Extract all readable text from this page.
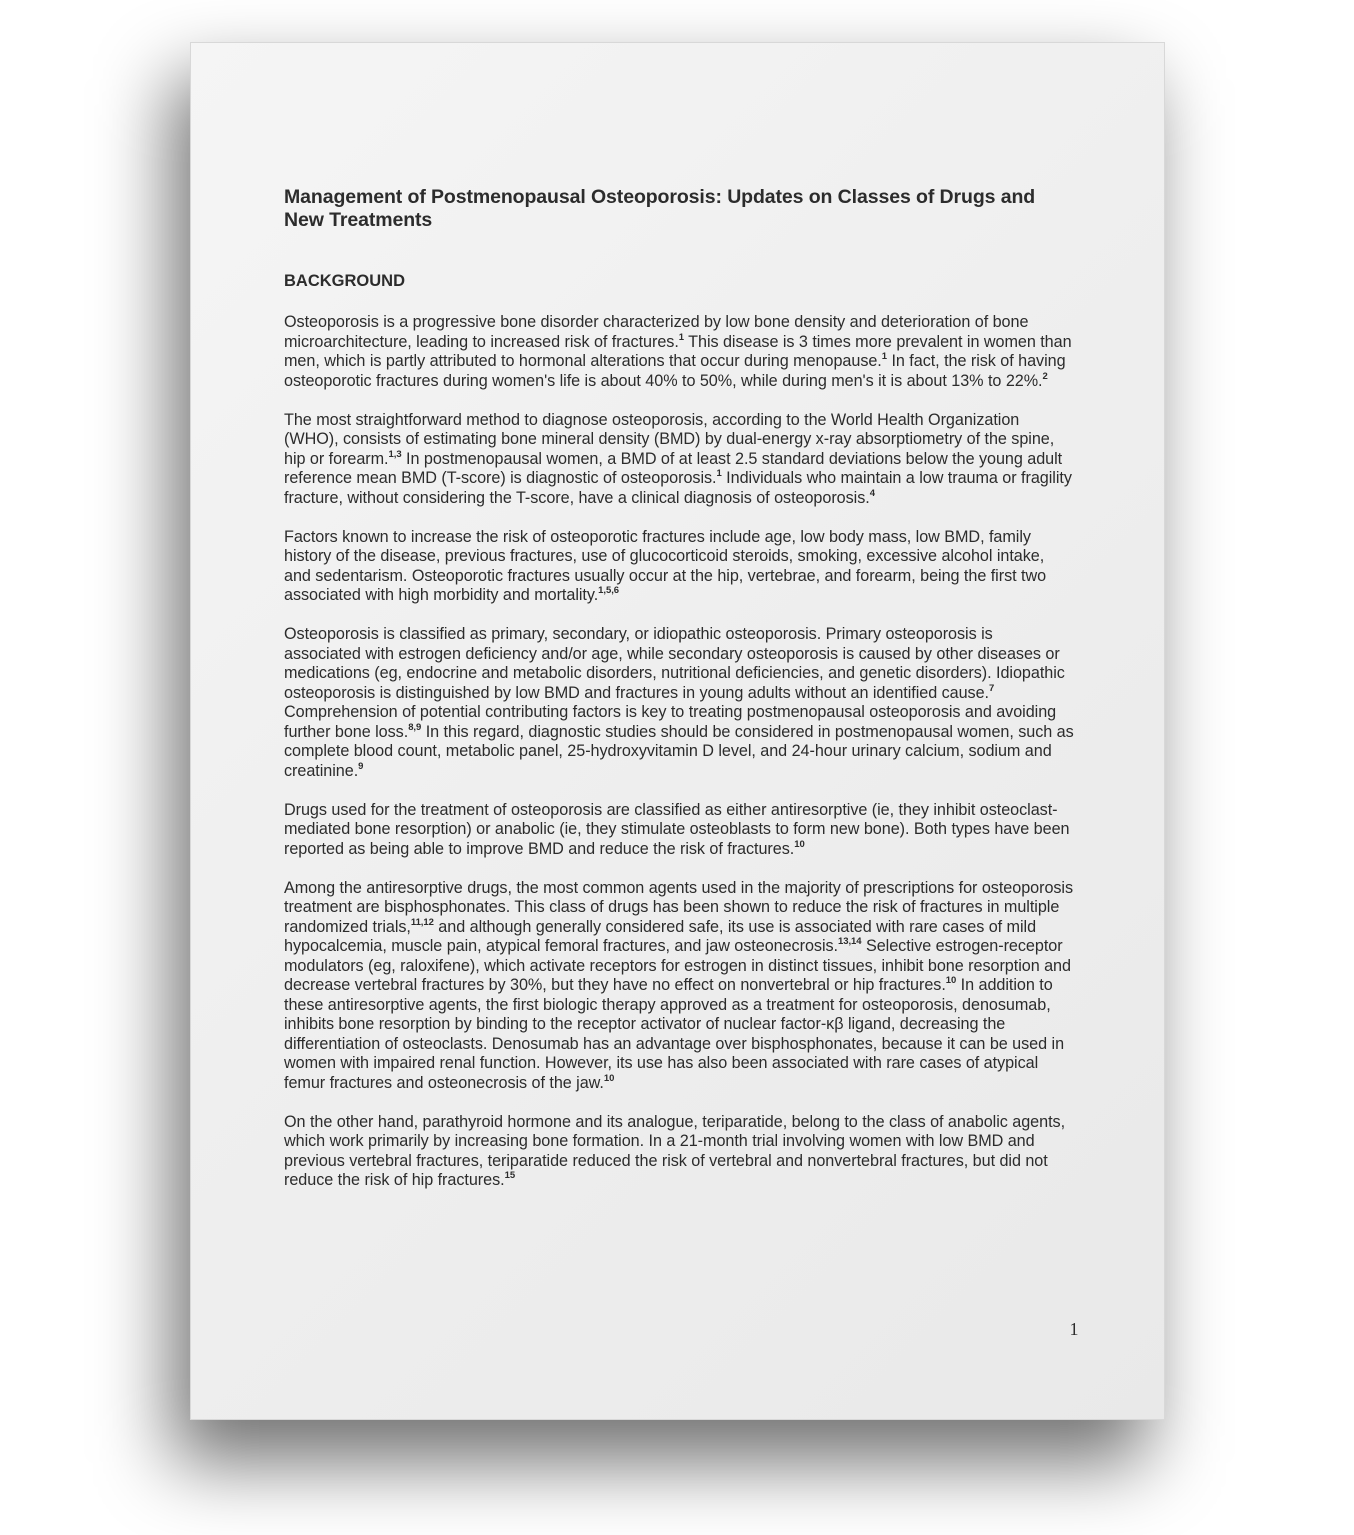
Management of Postmenopausal Osteoporosis: Updates on Classes of Drugs and New Treatments
BACKGROUND

Osteoporosis is a progressive bone disorder characterized by low bone density and deterioration of bone microarchitecture, leading to increased risk of fractures.$^1$ This disease is 3 times more prevalent in women than men, which is partly attributed to hormonal alterations that occur during menopause.$^1$ In fact, the risk of having osteoporotic fractures during women's life is about 40% to 50%, while during men's it is about 13% to 22%.$^2$

The most straightforward method to diagnose osteoporosis, according to the World Health Organization (WHO), consists of estimating bone mineral density (BMD) by dual-energy x-ray absorptiometry of the spine, hip or forearm.$^{1,3}$ In postmenopausal women, a BMD of at least 2.5 standard deviations below the young adult reference mean BMD (T-score) is diagnostic of osteoporosis.$^1$ Individuals who maintain a low trauma or fragility fracture, without considering the T-score, have a clinical diagnosis of osteoporosis.$^4$

Factors known to increase the risk of osteoporotic fractures include age, low body mass, low BMD, family history of the disease, previous fractures, use of glucocorticoid steroids, smoking, excessive alcohol intake, and sedentarism. Osteoporotic fractures usually occur at the hip, vertebrae, and forearm, being the first two associated with high morbidity and mortality.$^{1,5,6}$

Osteoporosis is classified as primary, secondary, or idiopathic osteoporosis. Primary osteoporosis is associated with estrogen deficiency and/or age, while secondary osteoporosis is caused by other diseases or medications (eg, endocrine and metabolic disorders, nutritional deficiencies, and genetic disorders). Idiopathic osteoporosis is distinguished by low BMD and fractures in young adults without an identified cause.$^7$ Comprehension of potential contributing factors is key to treating postmenopausal osteoporosis and avoiding further bone loss.$^{8,9}$ In this regard, diagnostic studies should be considered in postmenopausal women, such as complete blood count, metabolic panel, 25-hydroxyvitamin D level, and 24-hour urinary calcium, sodium and creatinine.$^9$

Drugs used for the treatment of osteoporosis are classified as either antiresorptive (ie, they inhibit osteoclast-mediated bone resorption) or anabolic (ie, they stimulate osteoblasts to form new bone). Both types have been reported as being able to improve BMD and reduce the risk of fractures.$^{10}$

Among the antiresorptive drugs, the most common agents used in the majority of prescriptions for osteoporosis treatment are bisphosphonates. This class of drugs has been shown to reduce the risk of fractures in multiple randomized trials,$^{11,12}$ and although generally considered safe, its use is associated with rare cases of mild hypocalcemia, muscle pain, atypical femoral fractures, and jaw osteonecrosis.$^{13,14}$ Selective estrogen-receptor modulators (eg, raloxifene), which activate receptors for estrogen in distinct tissues, inhibit bone resorption and decrease vertebral fractures by 30%, but they have no effect on nonvertebral or hip fractures.$^{10}$ In addition to these antiresorptive agents, the first biologic therapy approved as a treatment for osteoporosis, denosumab, inhibits bone resorption by binding to the receptor activator of nuclear factor-κβ ligand, decreasing the differentiation of osteoclasts. Denosumab has an advantage over bisphosphonates, because it can be used in women with impaired renal function. However, its use has also been associated with rare cases of atypical femur fractures and osteonecrosis of the jaw.$^{10}$

On the other hand, parathyroid hormone and its analogue, teriparatide, belong to the class of anabolic agents, which work primarily by increasing bone formation. In a 21-month trial involving women with low BMD and previous vertebral fractures, teriparatide reduced the risk of vertebral and nonvertebral fractures, but did not reduce the risk of hip fractures.$^{15}$

1
